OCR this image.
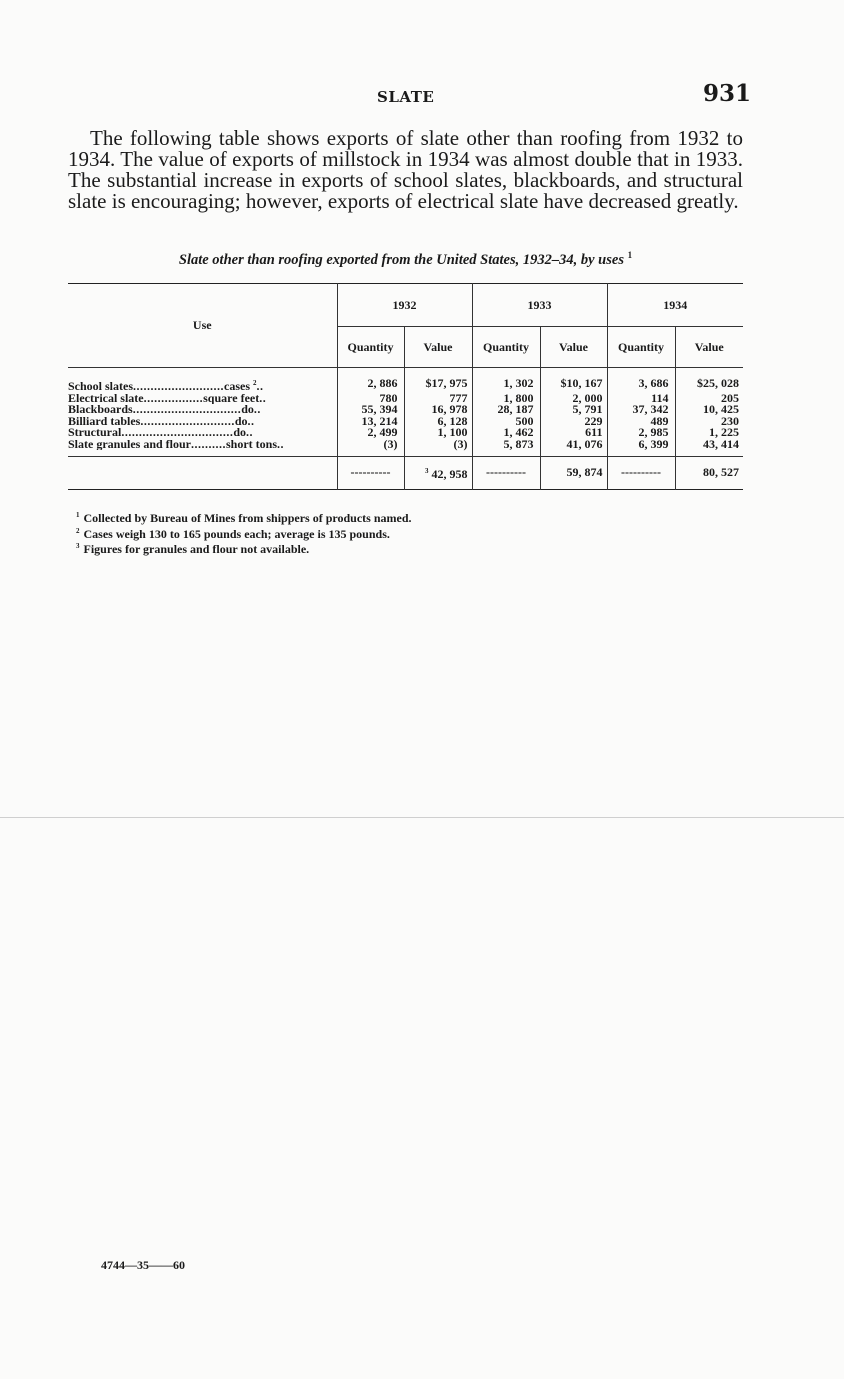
SLATE	931

The following table shows exports of slate other than roofing from 1932 to 1934. The value of exports of millstock in 1934 was almost double that in 1933. The substantial increase in exports of school slates, blackboards, and structural slate is encouraging; however, exports of electrical slate have decreased greatly.

Slate other than roofing exported from the United States, 1932–34, by uses $^1$
Use	1932		1933		1934	
	Quantity	Value	Quantity	Value	Quantity	Value

School slates..........................cases $^2$..	2, 886	$17, 975	1, 302	$10, 167	3, 686	$25, 028
Electrical slate.................square feet..	780	777	1, 800	2, 000	114	205
Blackboards...............................do..	55, 394	16, 978	28, 187	5, 791	37, 342	10, 425
Billiard tables...........................do..	13, 214	6, 128	500	229	489	230
Structural................................do..	2, 499	1, 100	1, 462	611	2, 985	1, 225
Slate granules and flour..........short tons..	(3)	(3)	5, 873	41, 076	6, 399	43, 414

	----------	$^3$ 42, 958	----------	59, 874	----------	80, 527
$^1$ Collected by Bureau of Mines from shippers of products named.
$^2$ Cases weigh 130 to 165 pounds each; average is 135 pounds.
$^3$ Figures for granules and flour not available.
4744—35——60
